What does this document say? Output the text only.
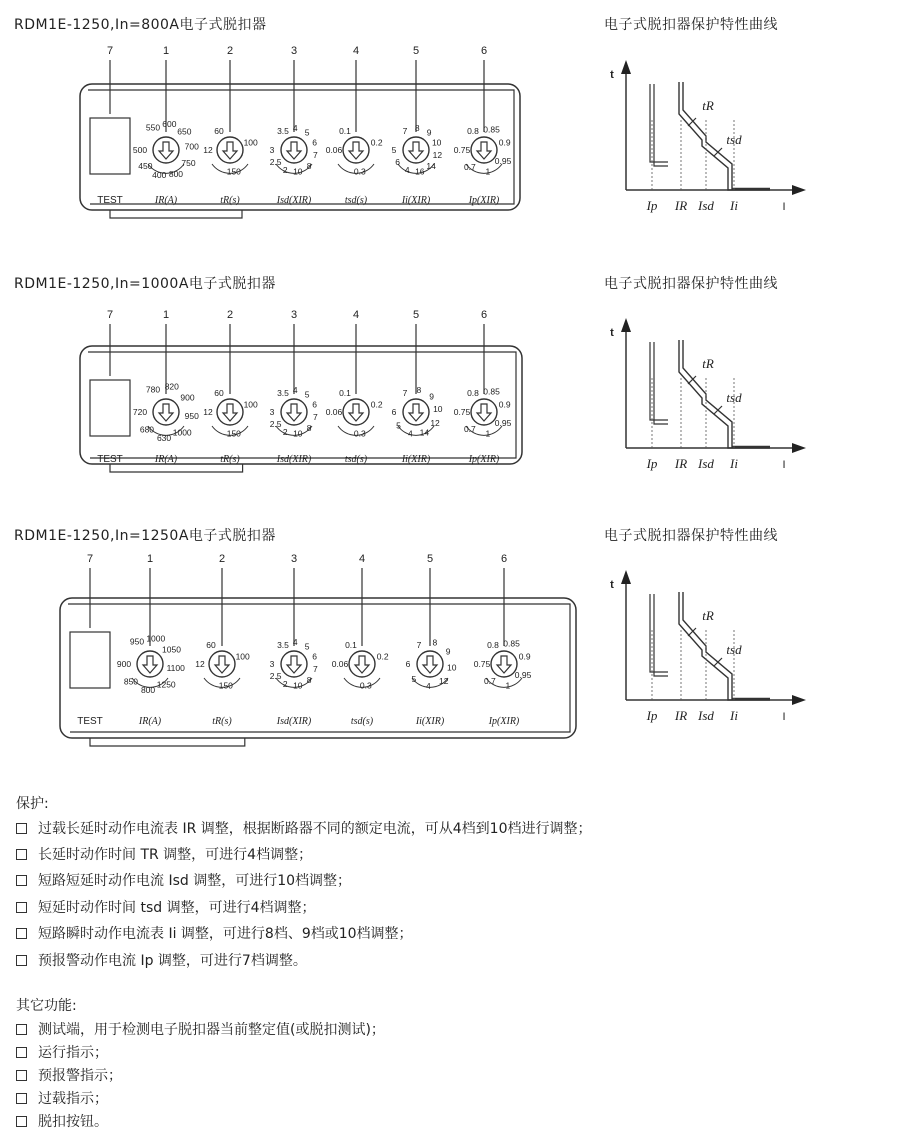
RDM1E-1250,In=800A电子式脱扣器	电子式脱扣器保护特性曲线
RDM1E-1250,In=1000A电子式脱扣器	电子式脱扣器保护特性曲线
RDM1E-1250,In=1250A电子式脱扣器	电子式脱扣器保护特性曲线
7	1	2	3	4	5	6
TEST
550 600
650
700
750
800
400
450
500
IR(A)
60
100
150
12
tR(s)
3.5 4 5
6
7
8
10
2
2.5
3
Isd(XIR)
0.1
0.2
0.3
0.06
tsd(s)
7 8 9
10
12
14
16
4
6
5
Ii(XIR)
0.8 0.85
0.9
0.95
1
0.7
0.75
Ip(XIR)
7	1	2	3	4	5	6
TEST
780 820
900
950
1000
630
680
720
IR(A)
60
100
150
12
tR(s)
3.5 4 5
6
7
8
10
2
2.5
3
Isd(XIR)
0.1
0.2
0.3
0.06
tsd(s)
7 8
9
10
12
14
4
5
6
Ii(XIR)
0.8 0.85
0.9
0.95
1
0.7
0.75
Ip(XIR)
7	1	2	3	4	5	6
TEST
950 1000
1050
1100
1250
800
850
900
IR(A)
60
100
150
12
tR(s)
3.5 4 5
6
7
8
10
2
2.5
3
Isd(XIR)
0.1
0.2
0.3
0.06
tsd(s)
7 8
9
10
12
4
5
6
Ii(XIR)
0.8 0.85
0.9
0.95
1
0.7
0.75
Ip(XIR)
t
I
tR
tsd
Ip IR Isd Ii
t
I
tR
tsd
Ip IR Isd Ii
t
I
tR
tsd
Ip IR Isd Ii
保护:
过载长延时动作电流表 IR 调整，根据断路器不同的额定电流，可从4档到10档进行调整；
长延时动作时间 TR 调整，可进行4档调整；
短路短延时动作电流 Isd 调整，可进行10档调整；
短延时动作时间 tsd 调整，可进行4档调整；
短路瞬时动作电流表 Ii 调整，可进行8档、9档或10档调整；
预报警动作电流 Ip 调整，可进行7档调整。
其它功能:
测试端，用于检测电子脱扣器当前整定值(或脱扣测试)；
运行指示；
预报警指示；
过载指示；
脱扣按钮。
